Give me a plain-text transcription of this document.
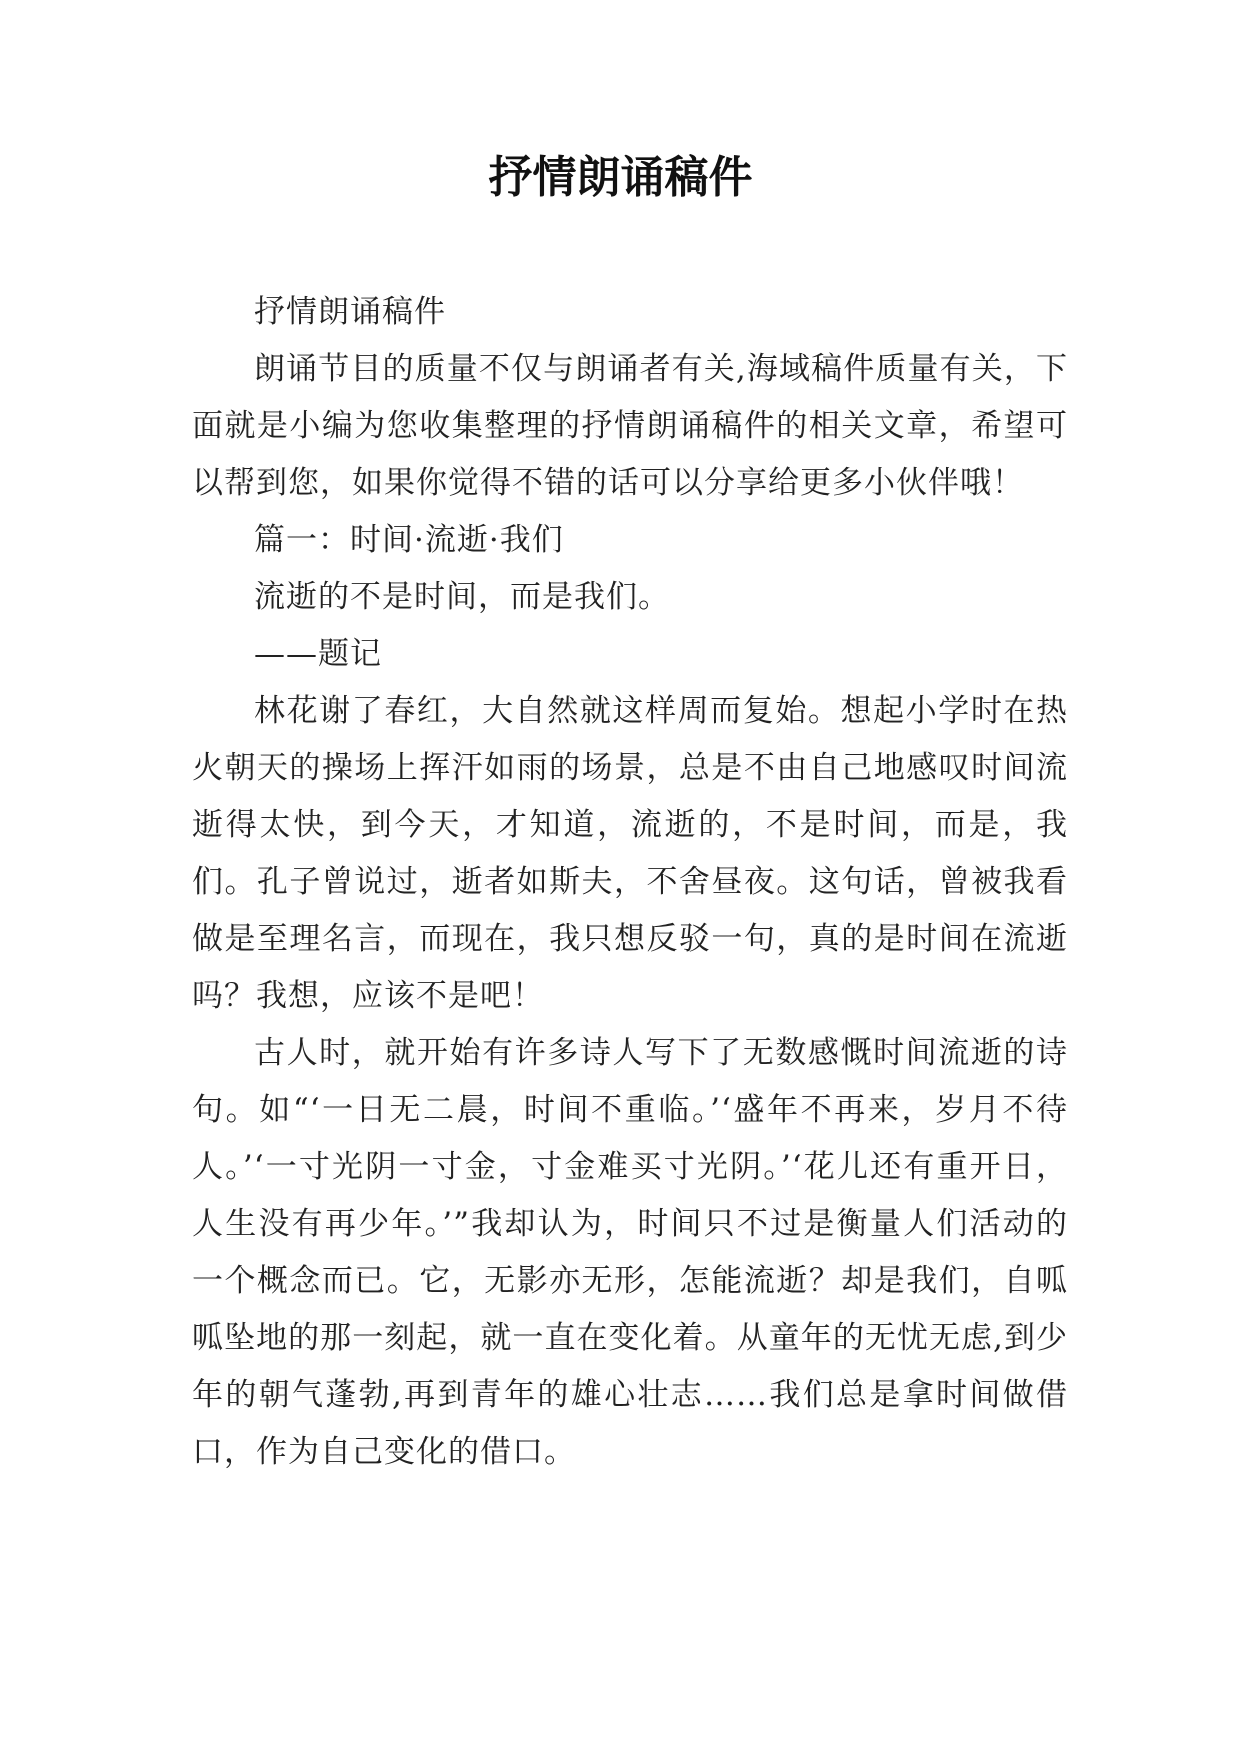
抒情朗诵稿件

抒情朗诵稿件

朗诵节目的质量不仅与朗诵者有关,海域稿件质量有关，下面就是小编为您收集整理的抒情朗诵稿件的相关文章，希望可以帮到您，如果你觉得不错的话可以分享给更多小伙伴哦！

篇一：时间·流逝·我们

流逝的不是时间，而是我们。

——题记

林花谢了春红，大自然就这样周而复始。想起小学时在热火朝天的操场上挥汗如雨的场景，总是不由自己地感叹时间流逝得太快，到今天，才知道，流逝的，不是时间，而是，我们。孔子曾说过，逝者如斯夫，不舍昼夜。这句话，曾被我看做是至理名言，而现在，我只想反驳一句，真的是时间在流逝吗？我想，应该不是吧！

古人时，就开始有许多诗人写下了无数感慨时间流逝的诗句。如“‘一日无二晨，时间不重临。’‘盛年不再来，岁月不待人。’‘一寸光阴一寸金，寸金难买寸光阴。’‘花儿还有重开日，人生没有再少年。’”我却认为，时间只不过是衡量人们活动的一个概念而已。它，无影亦无形，怎能流逝？却是我们，自呱呱坠地的那一刻起，就一直在变化着。从童年的无忧无虑,到少年的朝气蓬勃,再到青年的雄心壮志……我们总是拿时间做借口，作为自己变化的借口。
